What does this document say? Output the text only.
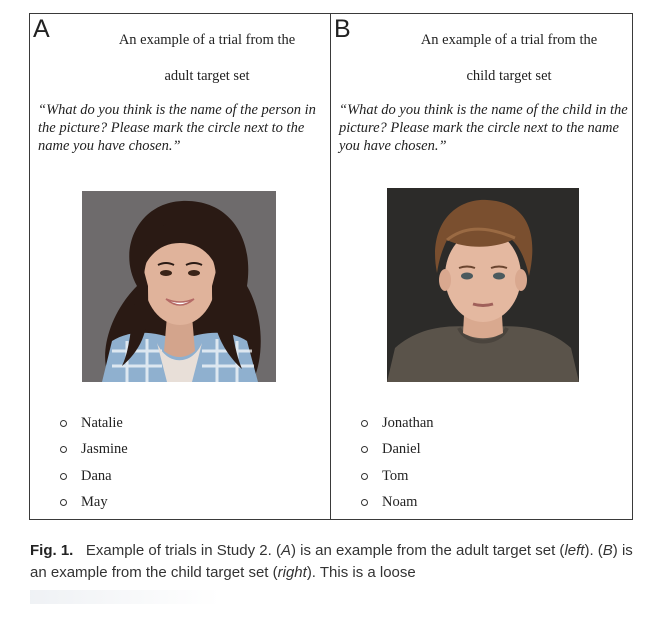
A	An example of a trial from the
adult target set
“What do you think is the name of the person in the picture? Please mark the circle next to the name you have chosen.”
Natalie
Jasmine
Dana
May
B	An example of a trial from the
child target set
“What do you think is the name of the child in the picture? Please mark the circle next to the name you have chosen.”
Jonathan
Daniel
Tom
Noam
Fig. 1. Example of trials in Study 2. (A) is an example from the adult target set (left). (B) is an example from the child target set (right). This is a loose
